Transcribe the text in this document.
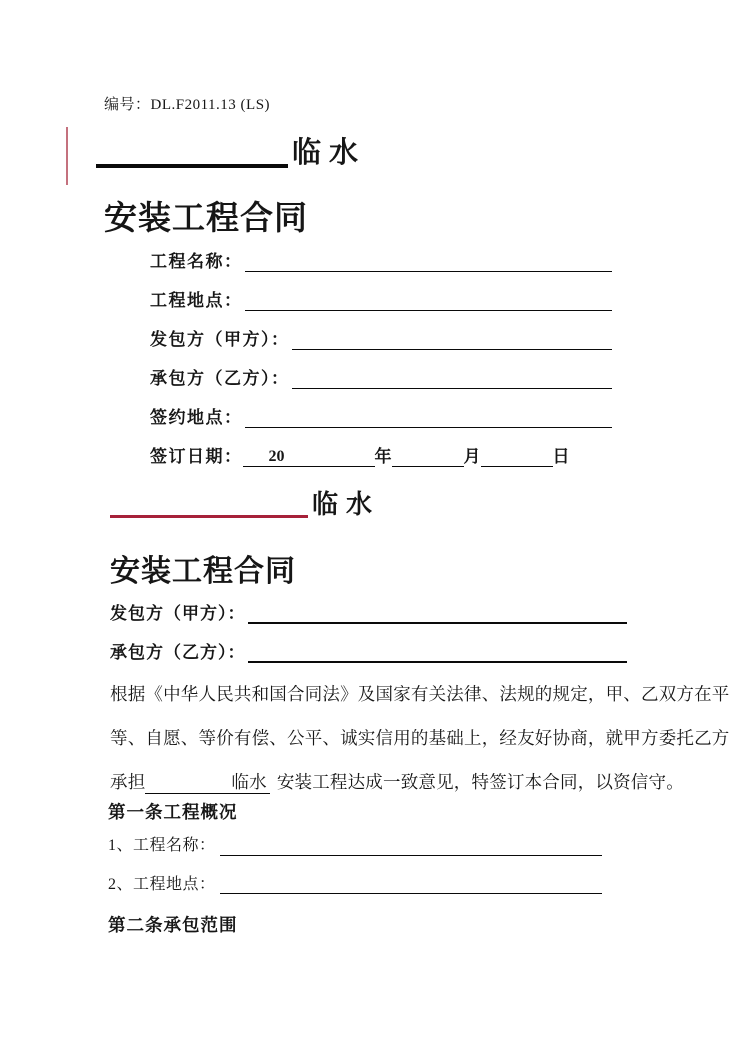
编号：DL.F2011.13 (LS)
临水
安装工程合同
工程名称：
工程地点：
发包方（甲方）：
承包方（乙方）：
签约地点：
签订日期：	20	年	月	日
临水
安装工程合同
发包方（甲方）：
承包方（乙方）：
根据《中华人民共和国合同法》及国家有关法律、法规的规定，甲、乙双方在平
等、自愿、等价有偿、公平、诚实信用的基础上，经友好协商，就甲方委托乙方
承担	临水 安装工程达成一致意见，特签订本合同，以资信守。
第一条工程概况
1、工程名称：
2、工程地点：
第二条承包范围
